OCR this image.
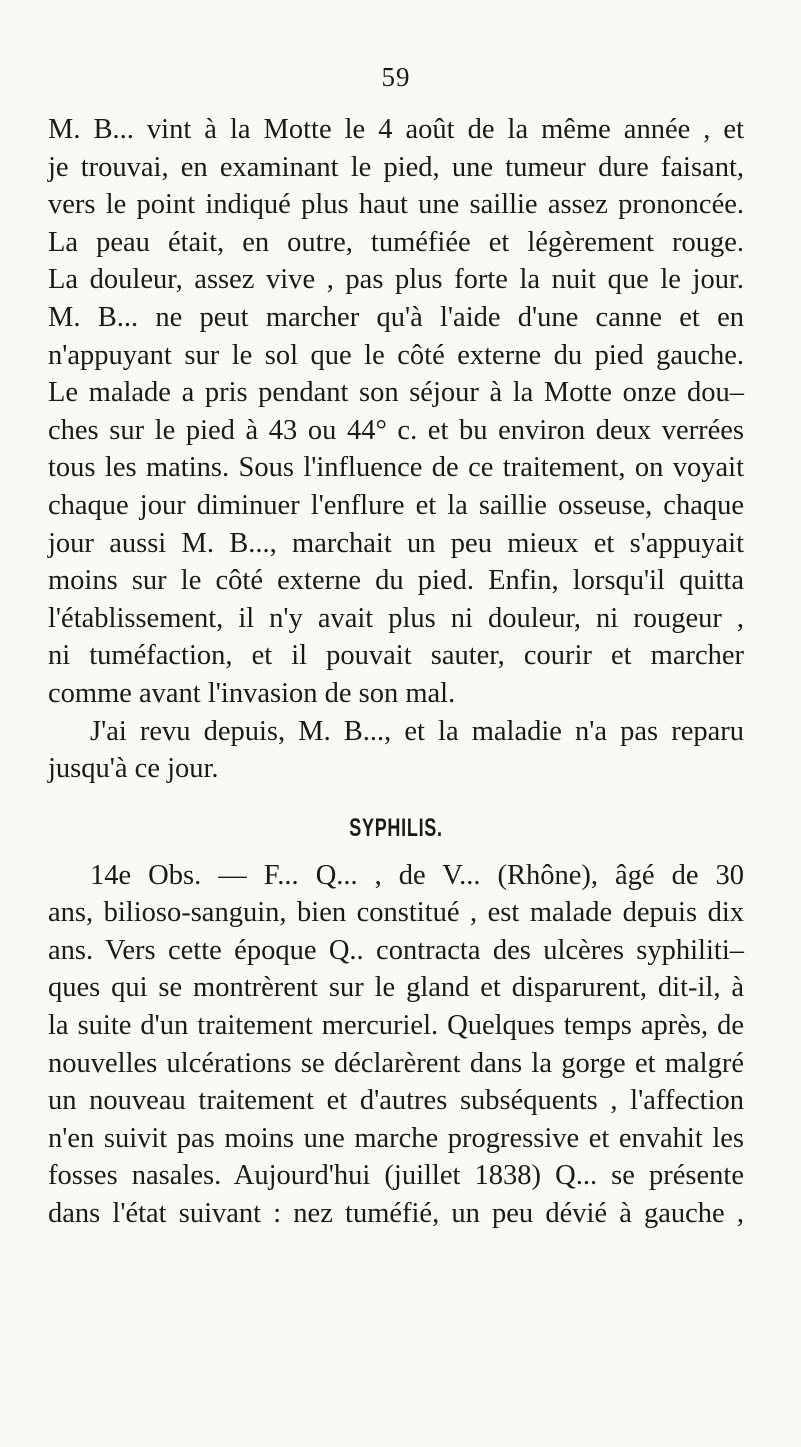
59
M. B... vint à la Motte le 4 août de la même année , et
je trouvai, en examinant le pied, une tumeur dure faisant,
vers le point indiqué plus haut une saillie assez prononcée.
La peau était, en outre, tuméfiée et légèrement rouge.
La douleur, assez vive , pas plus forte la nuit que le jour.
M. B... ne peut marcher qu'à l'aide d'une canne et en
n'appuyant sur le sol que le côté externe du pied gauche.
Le malade a pris pendant son séjour à la Motte onze dou–
ches sur le pied à 43 ou 44° c. et bu environ deux verrées
tous les matins. Sous l'influence de ce traitement, on voyait
chaque jour diminuer l'enflure et la saillie osseuse, chaque
jour aussi M. B..., marchait un peu mieux et s'appuyait
moins sur le côté externe du pied. Enfin, lorsqu'il quitta
l'établissement, il n'y avait plus ni douleur, ni rougeur ,
ni tuméfaction, et il pouvait sauter, courir et marcher
comme avant l'invasion de son mal.
J'ai revu depuis, M. B..., et la maladie n'a pas reparu
jusqu'à ce jour.
SYPHILIS.
14e Obs. — F... Q... , de V... (Rhône), âgé de 30
ans, bilioso-sanguin, bien constitué , est malade depuis dix
ans. Vers cette époque Q.. contracta des ulcères syphiliti–
ques qui se montrèrent sur le gland et disparurent, dit-il, à
la suite d'un traitement mercuriel. Quelques temps après, de
nouvelles ulcérations se déclarèrent dans la gorge et malgré
un nouveau traitement et d'autres subséquents , l'affection
n'en suivit pas moins une marche progressive et envahit les
fosses nasales. Aujourd'hui (juillet 1838) Q... se présente
dans l'état suivant : nez tuméfié, un peu dévié à gauche ,
